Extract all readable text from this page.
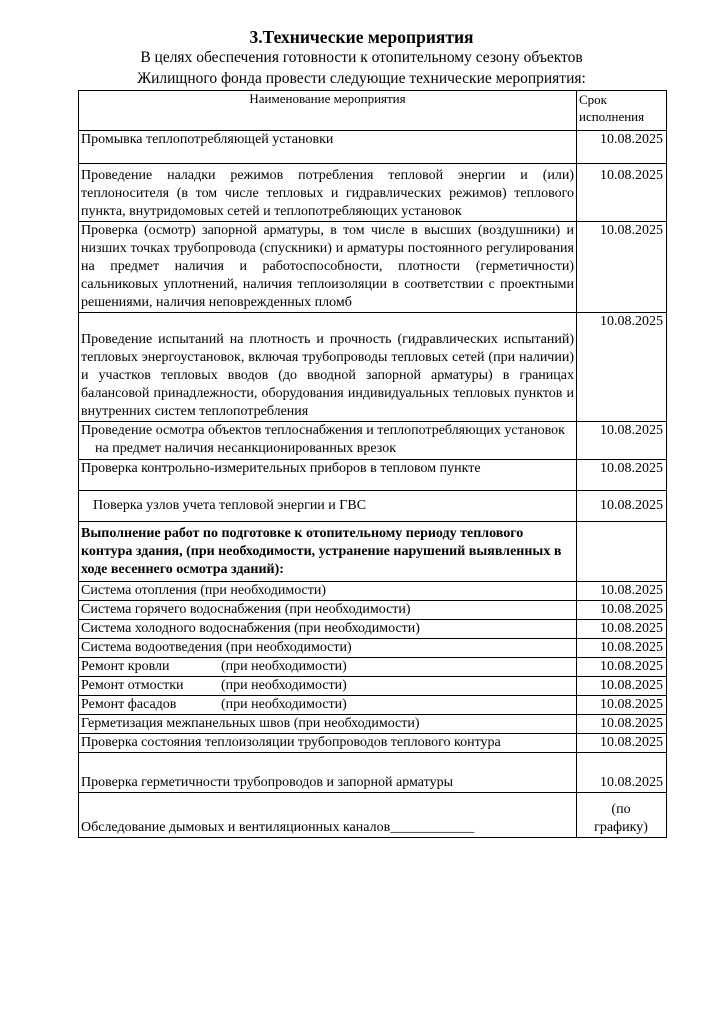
3.Технические мероприятия
В целях обеспечения готовности к отопительному сезону объектов
Жилищного фонда провести следующие технические мероприятия:
Наименование мероприятия	Срок
исполнения
Промывка теплопотребляющей установки	10.08.2025
Проведение наладки режимов потребления тепловой энергии и (или) теплоносителя (в том числе тепловых и гидравлических режимов) теплового пункта, внутридомовых сетей и теплопотребляющих установок	10.08.2025
Проверка (осмотр) запорной арматуры, в том числе в высших (воздушники) и низших точках трубопровода (спускники) и арматуры постоянного регулирования на предмет наличия и работоспособности, плотности (герметичности) сальниковых уплотнений, наличия теплоизоляции в соответствии с проектными решениями, наличия неповрежденных пломб	10.08.2025
Проведение испытаний на плотность и прочность (гидравлических испытаний) тепловых энергоустановок, включая трубопроводы тепловых сетей (при наличии) и участков тепловых вводов (до вводной запорной арматуры) в границах балансовой принадлежности, оборудования индивидуальных тепловых пунктов и внутренних систем теплопотребления	10.08.2025
Проведение осмотра объектов теплоснабжения и теплопотребляющих установок на предмет наличия несанкционированных врезок	10.08.2025
Проверка контрольно-измерительных приборов в тепловом пункте	10.08.2025
Поверка узлов учета тепловой энергии и ГВС	10.08.2025
Выполнение работ по подготовке к отопительному периоду теплового контура здания, (при необходимости, устранение нарушений выявленных в ходе весеннего осмотра зданий):	
Система отопления (при необходимости)	10.08.2025
Система горячего водоснабжения (при необходимости)	10.08.2025
Система холодного водоснабжения (при необходимости)	10.08.2025
Система водоотведения (при необходимости)	10.08.2025
Ремонт кровли (при необходимости)	10.08.2025
Ремонт отмостки (при необходимости)	10.08.2025
Ремонт фасадов (при необходимости)	10.08.2025
Герметизация межпанельных швов (при необходимости)	10.08.2025
Проверка состояния теплоизоляции трубопроводов теплового контура	10.08.2025
Проверка герметичности трубопроводов и запорной арматуры	10.08.2025
Обследование дымовых и вентиляционных каналов____________	(по
графику)
